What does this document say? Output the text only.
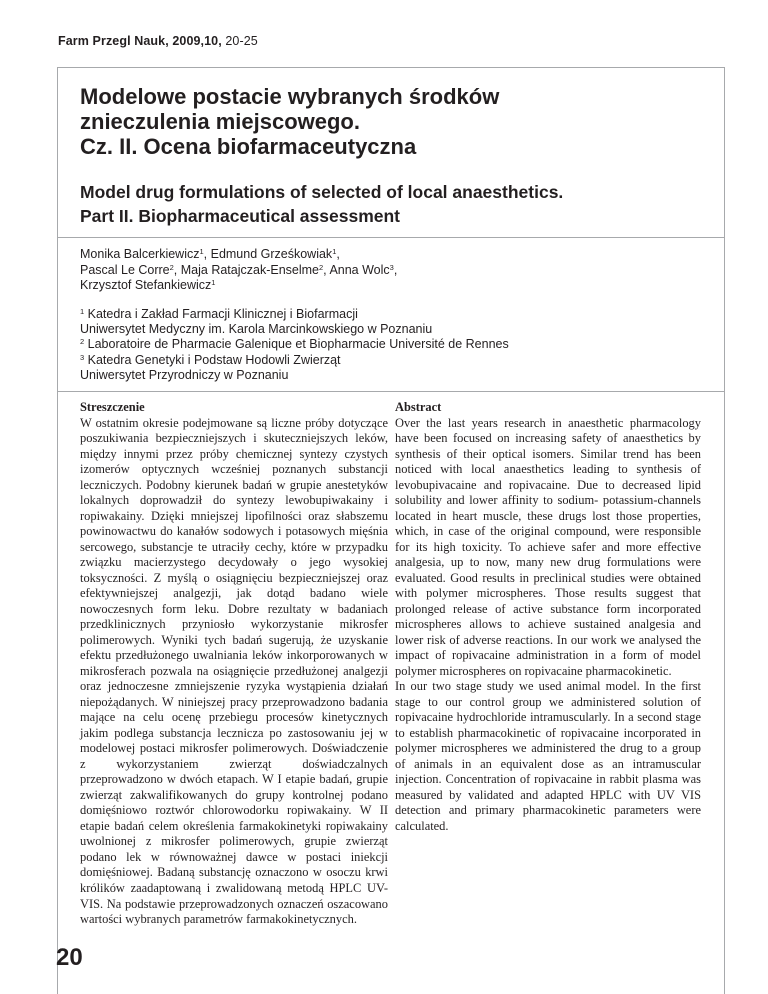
Farm Przegl Nauk, 2009,10, 20-25
Modelowe postacie wybranych środków
znieczulenia miejscowego.
Cz. II. Ocena biofarmaceutyczna
Model drug formulations of selected of local anaesthetics.
Part II. Biopharmaceutical assessment
Monika Balcerkiewicz$^1$, Edmund Grześkowiak$^1$,
Pascal Le Corre$^2$, Maja Ratajczak-Enselme$^2$, Anna Wolc$^3$,
Krzysztof Stefankiewicz$^1$
$^1$ Katedra i Zakład Farmacji Klinicznej i Biofarmacji
Uniwersytet Medyczny im. Karola Marcinkowskiego w Poznaniu
$^2$ Laboratoire de Pharmacie Galenique et Biopharmacie Université de Rennes
$^3$ Katedra Genetyki i Podstaw Hodowli Zwierząt
Uniwersytet Przyrodniczy w Poznaniu

Streszczenie

W ostatnim okresie podejmowane są liczne próby dotyczące poszukiwania bezpieczniejszych i skuteczniejszych leków, między innymi przez próby chemicznej syntezy czystych izomerów optycznych wcześniej poznanych substancji leczniczych. Podobny kierunek badań w grupie anestetyków lokalnych doprowadził do syntezy lewobupiwakainy i ropiwakainy. Dzięki mniejszej lipofilności oraz słabszemu powinowactwu do kanałów sodowych i potasowych mięśnia sercowego, substancje te utraciły cechy, które w przypadku związku macierzystego decydowały o jego wysokiej toksyczności. Z myślą o osiągnięciu bezpieczniejszej oraz efektywniejszej analgezji, jak dotąd badano wiele nowoczesnych form leku. Dobre rezultaty w badaniach przedklinicznych przyniosło wykorzystanie mikrosfer polimerowych. Wyniki tych badań sugerują, że uzyskanie efektu przedłużonego uwalniania leków inkorporowanych w mikrosferach pozwala na osiągnięcie przedłużonej analgezji oraz jednoczesne zmniejszenie ryzyka wystąpienia działań niepożądanych. W niniejszej pracy przeprowadzono badania mające na celu ocenę przebiegu procesów kinetycznych jakim podlega substancja lecznicza po zastosowaniu jej w modelowej postaci mikrosfer polimerowych. Doświadczenie z wykorzystaniem zwierząt doświadczalnych przeprowadzono w dwóch etapach. W I etapie badań, grupie zwierząt zakwalifikowanych do grupy kontrolnej podano domięśniowo roztwór chlorowodorku ropiwakainy. W II etapie badań celem określenia farmakokinetyki ropiwakainy uwolnionej z mikrosfer polimerowych, grupie zwierząt podano lek w równoważnej dawce w postaci iniekcji domięśniowej. Badaną substancję oznaczono w osoczu krwi królików zaadaptowaną i zwalidowaną metodą HPLC UV-VIS. Na podstawie przeprowadzonych oznaczeń oszacowano wartości wybranych parametrów farmakokinetycznych.

Abstract

Over the last years research in anaesthetic pharmacology have been focused on increasing safety of anaesthetics by synthesis of their optical isomers. Similar trend has been noticed with local anaesthetics leading to synthesis of levobupivacaine and ropivacaine. Due to decreased lipid solubility and lower affinity to sodium- potassium-channels located in heart muscle, these drugs lost those properties, which, in case of the original compound, were responsible for its high toxicity. To achieve safer and more effective analgesia, up to now, many new drug formulations were evaluated. Good results in preclinical studies were obtained with polymer microspheres. Those results suggest that prolonged release of active substance form incorporated microspheres allows to achieve sustained analgesia and lower risk of adverse reactions. In our work we analysed the impact of ropivacaine administration in a form of model polymer microspheres on ropivacaine pharmacokinetic.

In our two stage study we used animal model. In the first stage to our control group we administered solution of ropivacaine hydrochloride intramuscularly. In a second stage to establish pharmacokinetic of ropivacaine incorporated in polymer microspheres we administered the drug to a group of animals in an equivalent dose as an intramuscular injection. Concentration of ropivacaine in rabbit plasma was measured by validated and adapted HPLC with UV VIS detection and primary pharmacokinetic parameters were calculated.

20
